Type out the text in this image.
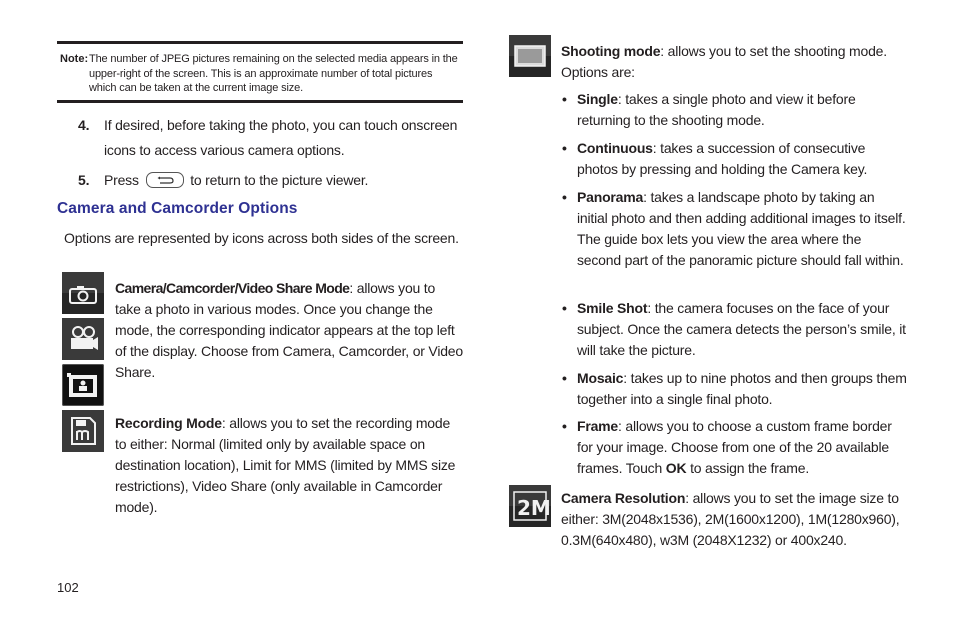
Note: The number of JPEG pictures remaining on the selected media appears in the upper-right of the screen. This is an approximate number of total pictures which can be taken at the current image size.
4. If desired, before taking the photo, you can touch onscreen
icons to access various camera options.
5. Press	to return to the picture viewer.
Camera and Camcorder Options
Options are represented by icons across both sides of the screen.
Camera/Camcorder/Video Share Mode: allows you to take a photo in various modes. Once you change the mode, the corresponding indicator appears at the top left of the display. Choose from Camera, Camcorder, or Video Share.
Recording Mode: allows you to set the recording mode to either: Normal (limited only by available space on destination location), Limit for MMS (limited by MMS size restrictions), Video Share (only available in Camcorder mode).
102
Shooting mode: allows you to set the shooting mode. Options are:
• Single: takes a single photo and view it before returning to the shooting mode.
• Continuous: takes a succession of consecutive photos by pressing and holding the Camera key.
• Panorama: takes a landscape photo by taking an initial photo and then adding additional images to itself. The guide box lets you view the area where the second part of the panoramic picture should fall within.
• Smile Shot: the camera focuses on the face of your subject. Once the camera detects the person’s smile, it will take the picture.
• Mosaic: takes up to nine photos and then groups them together into a single final photo.
• Frame: allows you to choose a custom frame border for your image. Choose from one of the 20 available frames. Touch OK to assign the frame.
2M Camera Resolution: allows you to set the image size to either: 3M(2048x1536), 2M(1600x1200), 1M(1280x960), 0.3M(640x480), w3M (2048X1232) or 400x240.
